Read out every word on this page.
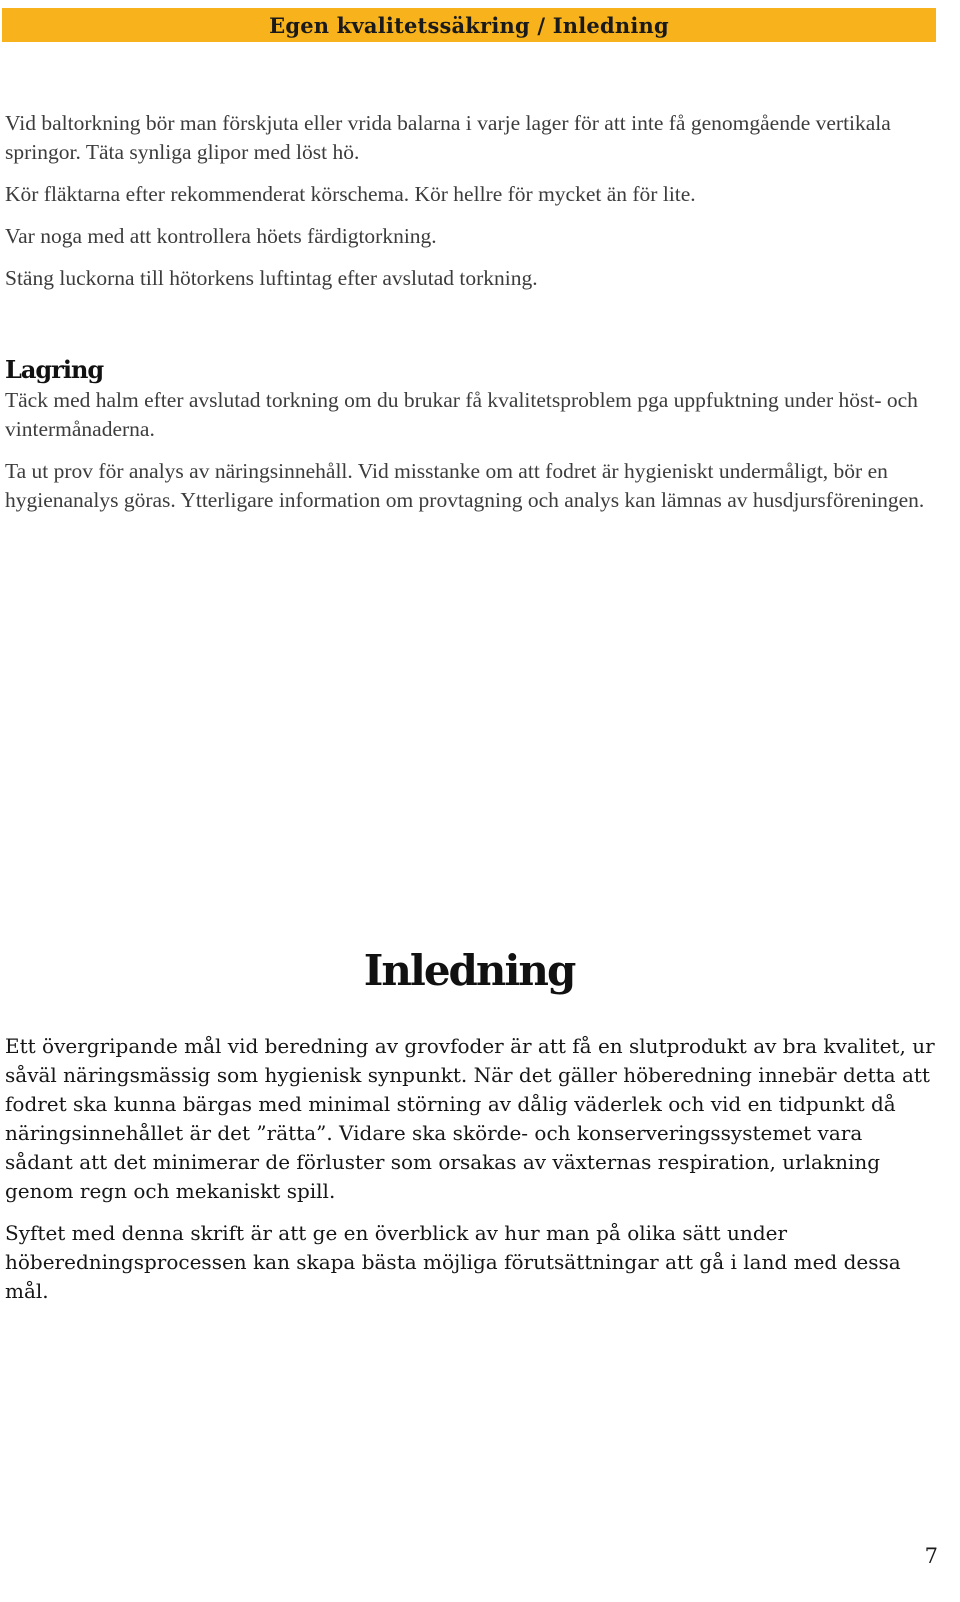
Egen kvalitetssäkring / Inledning

Vid baltorkning bör man förskjuta eller vrida balarna i varje lager för att inte få genomgående vertikala springor. Täta synliga glipor med löst hö.

Kör fläktarna efter rekommenderat körschema. Kör hellre för mycket än för lite.

Var noga med att kontrollera höets färdigtorkning.

Stäng luckorna till hötorkens luftintag efter avslutad torkning.

Lagring

Täck med halm efter avslutad torkning om du brukar få kvalitetsproblem pga uppfuktning under höst- och vintermånaderna.

Ta ut prov för analys av näringsinnehåll. Vid misstanke om att fodret är hygieniskt undermåligt, bör en hygienanalys göras. Ytterligare information om provtagning och analys kan lämnas av husdjursföreningen.

Inledning

Ett övergripande mål vid beredning av grovfoder är att få en slutprodukt av bra kvalitet, ur såväl näringsmässig som hygienisk synpunkt. När det gäller höberedning innebär detta att fodret ska kunna bärgas med minimal störning av dålig väderlek och vid en tidpunkt då näringsinnehållet är det ”rätta”. Vidare ska skörde- och konserveringssystemet vara sådant att det minimerar de förluster som orsakas av växternas respiration, urlakning genom regn och mekaniskt spill.

Syftet med denna skrift är att ge en överblick av hur man på olika sätt under höberedningsprocessen kan skapa bästa möjliga förutsättningar att gå i land med dessa mål.

7
